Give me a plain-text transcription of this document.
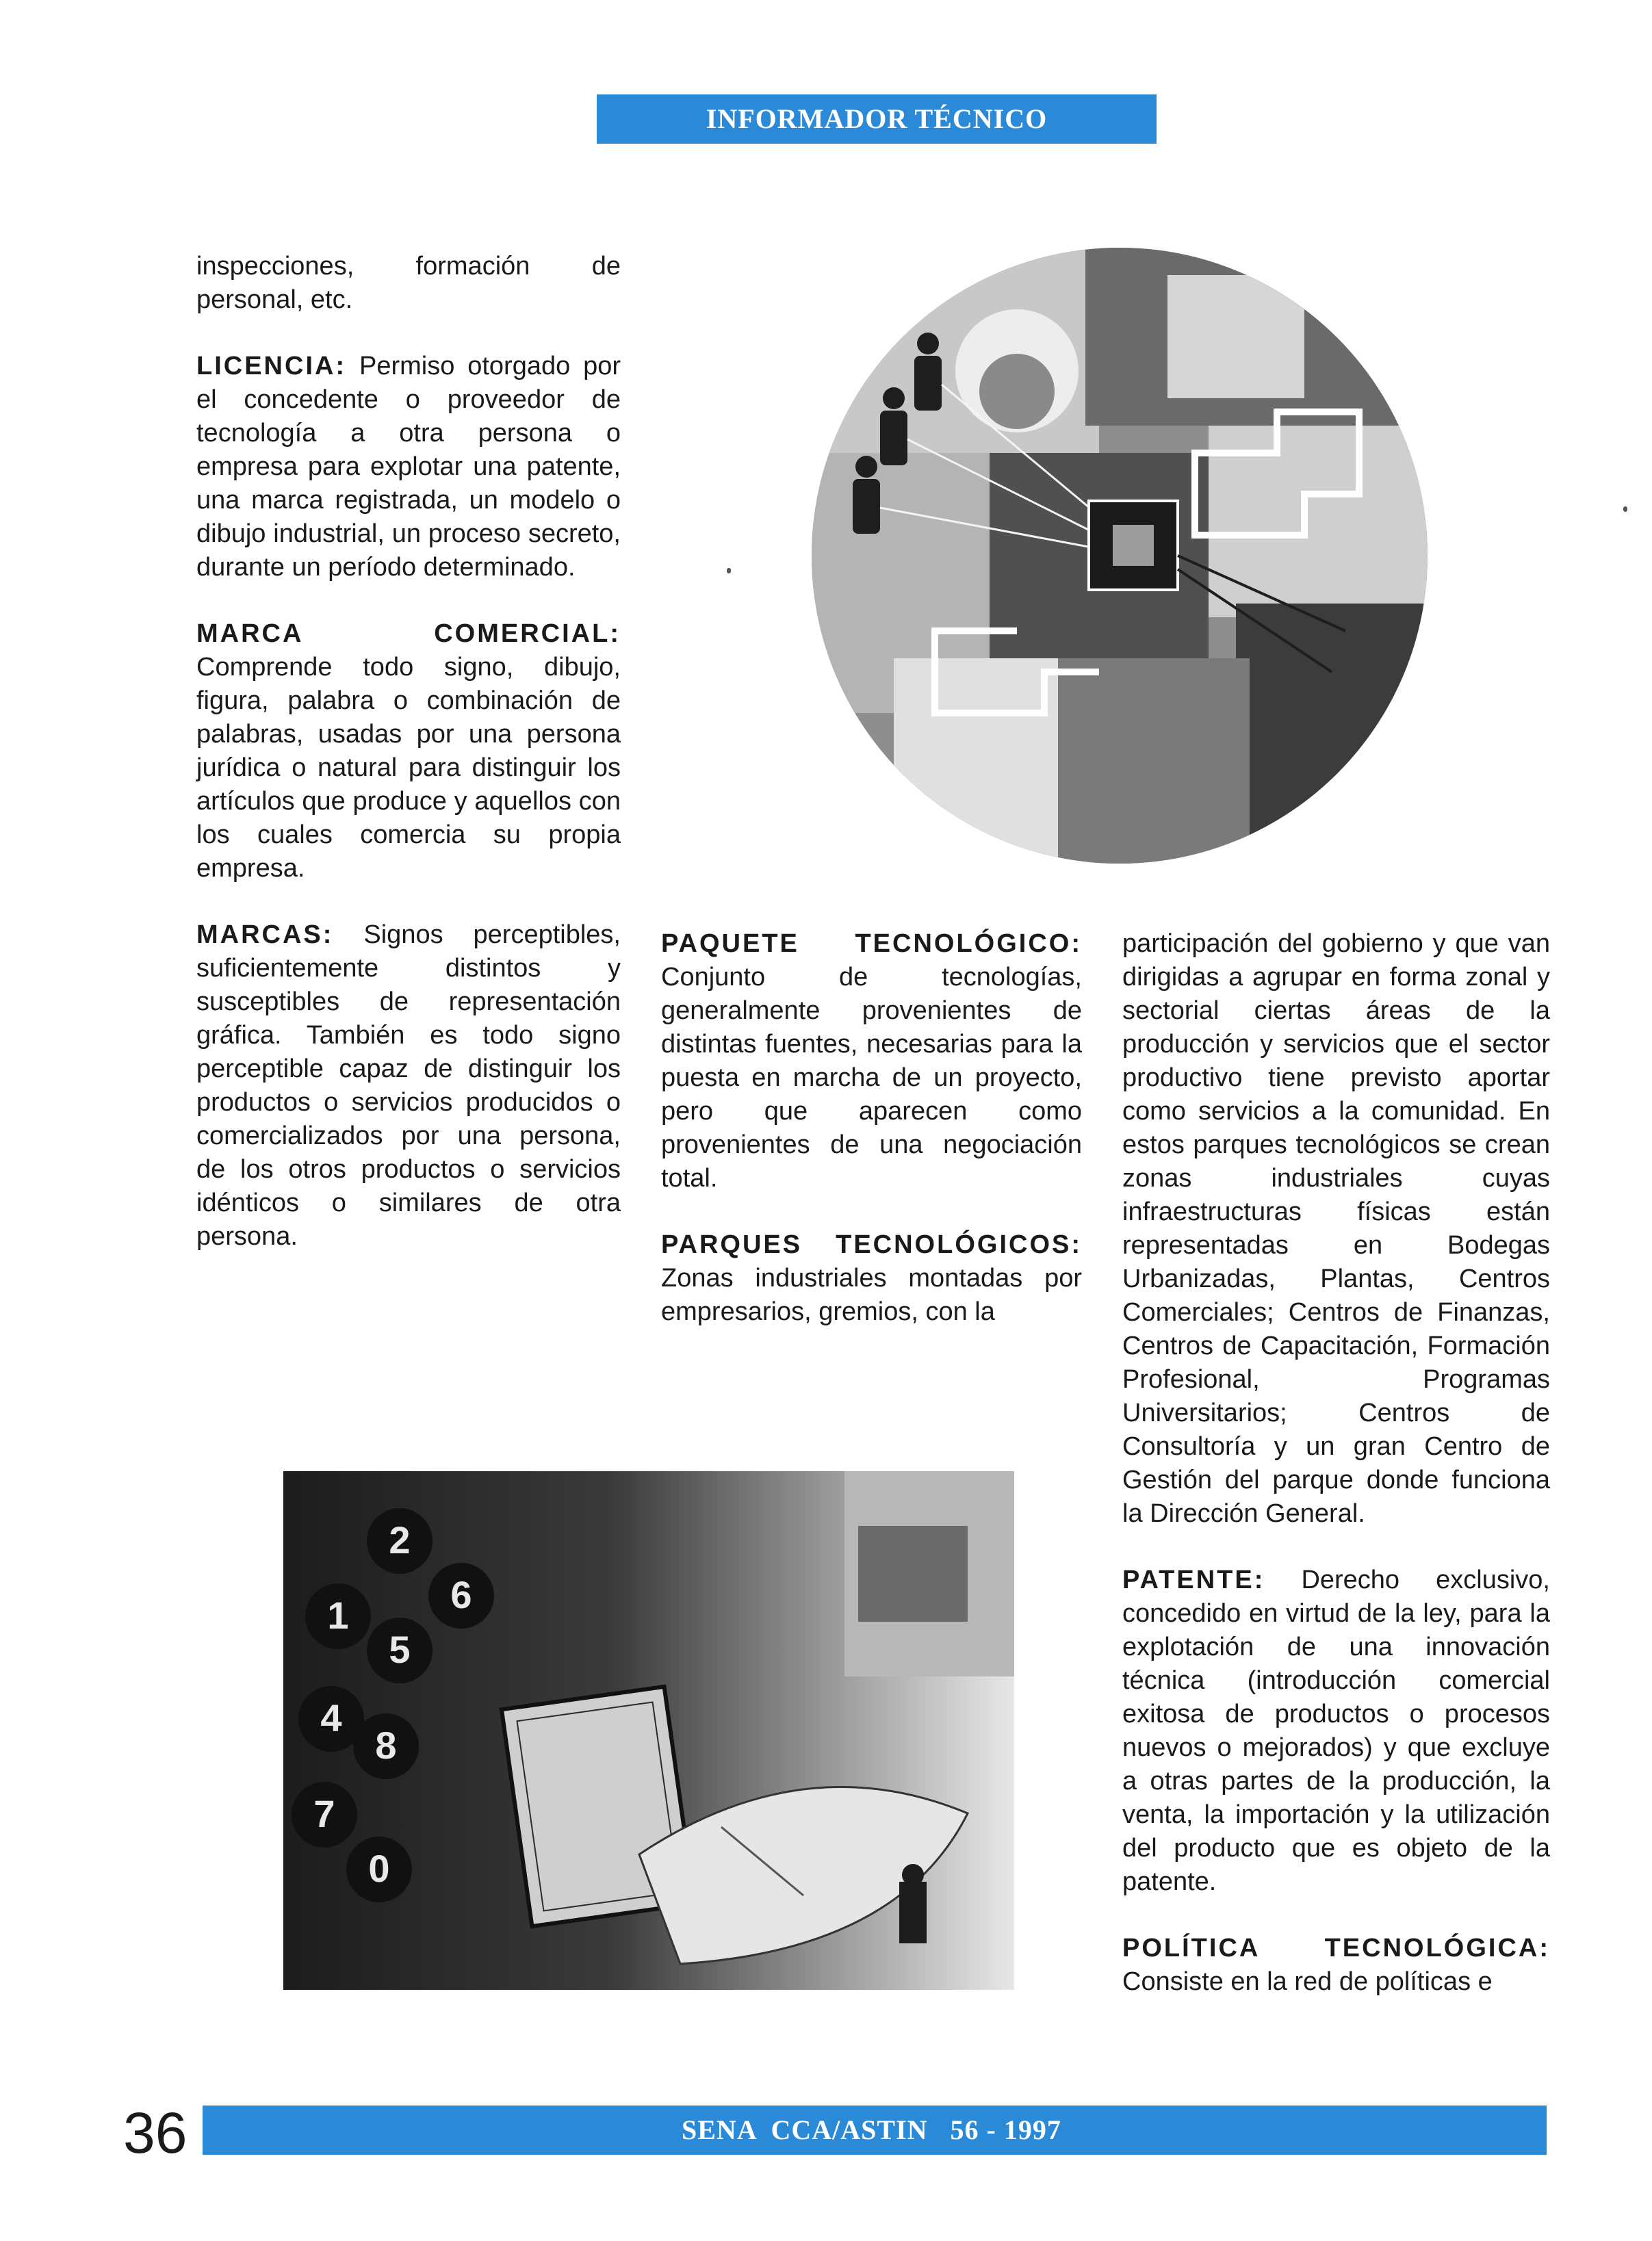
INFORMADOR TÉCNICO

inspecciones, formación de personal, etc.

LICENCIA: Permiso otorgado por el concedente o proveedor de tecnología a otra persona o empresa para explotar una patente, una marca registrada, un modelo o dibujo industrial, un proceso secreto, durante un período determinado.

MARCA COMERCIAL: Comprende todo signo, dibujo, figura, palabra o combinación de palabras, usadas por una persona jurídica o natural para distinguir los artículos que produce y aquellos con los cuales comercia su propia empresa.

MARCAS: Signos perceptibles, suficientemente distintos y susceptibles de representación gráfica. También es todo signo perceptible capaz de distinguir los productos o servicios producidos o comercializados por una persona, de los otros productos o servicios idénticos o similares de otra persona.

PAQUETE TECNOLÓGICO: Conjunto de tecnologías, generalmente provenientes de distintas fuentes, necesarias para la puesta en marcha de un proyecto, pero que aparecen como provenientes de una negociación total.

PARQUES TECNOLÓGICOS: Zonas industriales montadas por empresarios, gremios, con la

participación del gobierno y que van dirigidas a agrupar en forma zonal y sectorial ciertas áreas de la producción y servicios que el sector productivo tiene previsto aportar como servicios a la comunidad. En estos parques tecnológicos se crean zonas industriales cuyas infraestructuras físicas están representadas en Bodegas Urbanizadas, Plantas, Centros Comerciales; Centros de Finanzas, Centros de Capacitación, Formación Profesional, Programas Universitarios; Centros de Consultoría y un gran Centro de Gestión del parque donde funciona la Dirección General.

PATENTE: Derecho exclusivo, concedido en virtud de la ley, para la explotación de una innovación técnica (introducción comercial exitosa de productos o procesos nuevos o mejorados) y que excluye a otras partes de la producción, la venta, la importación y la utilización del producto que es objeto de la patente.

POLÍTICA TECNOLÓGICA: Consiste en la red de políticas e

2
6
1
5
4
8
7
0
36	SENA  CCA/ASTIN   56 - 1997
